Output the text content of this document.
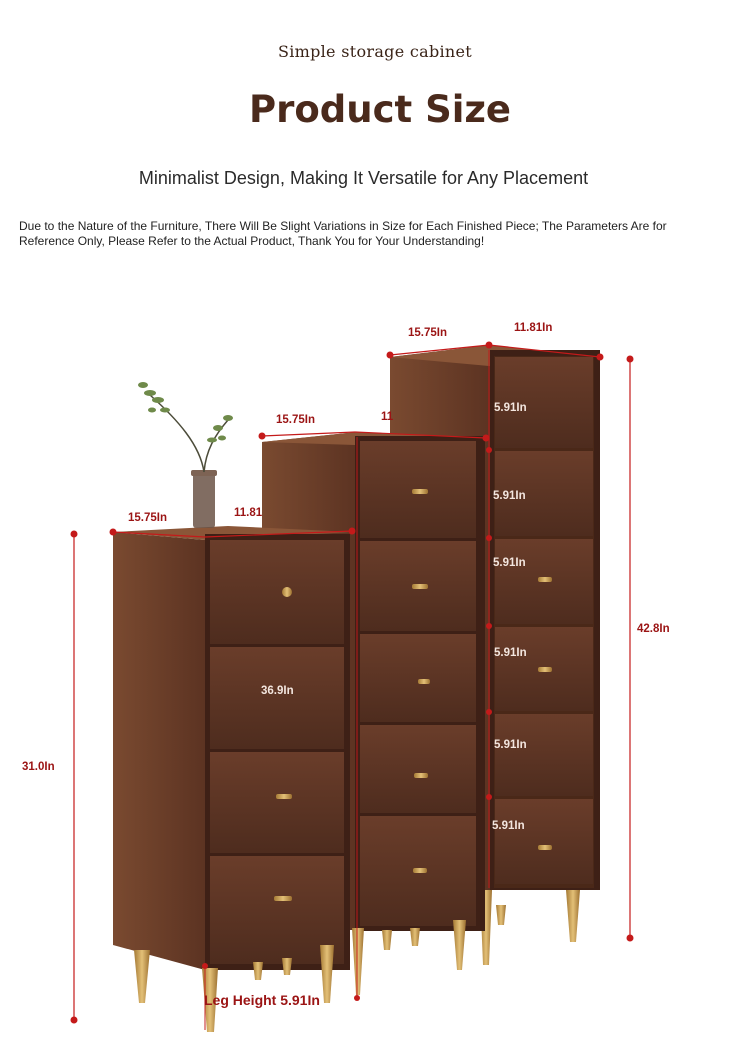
Simple storage cabinet
Product Size
Minimalist Design, Making It Versatile for Any Placement
Due to the Nature of the Furniture, There Will Be Slight Variations in Size for Each Finished Piece; The Parameters Are for Reference Only, Please Refer to the Actual Product, Thank You for Your Understanding!
15.75In	11.81In
15.75In	11
15.75In	11.81
31.0In
42.8In
36.9In
Leg Height 5.91In
5.91In
5.91In
5.91In
5.91In
5.91In
5.91In
